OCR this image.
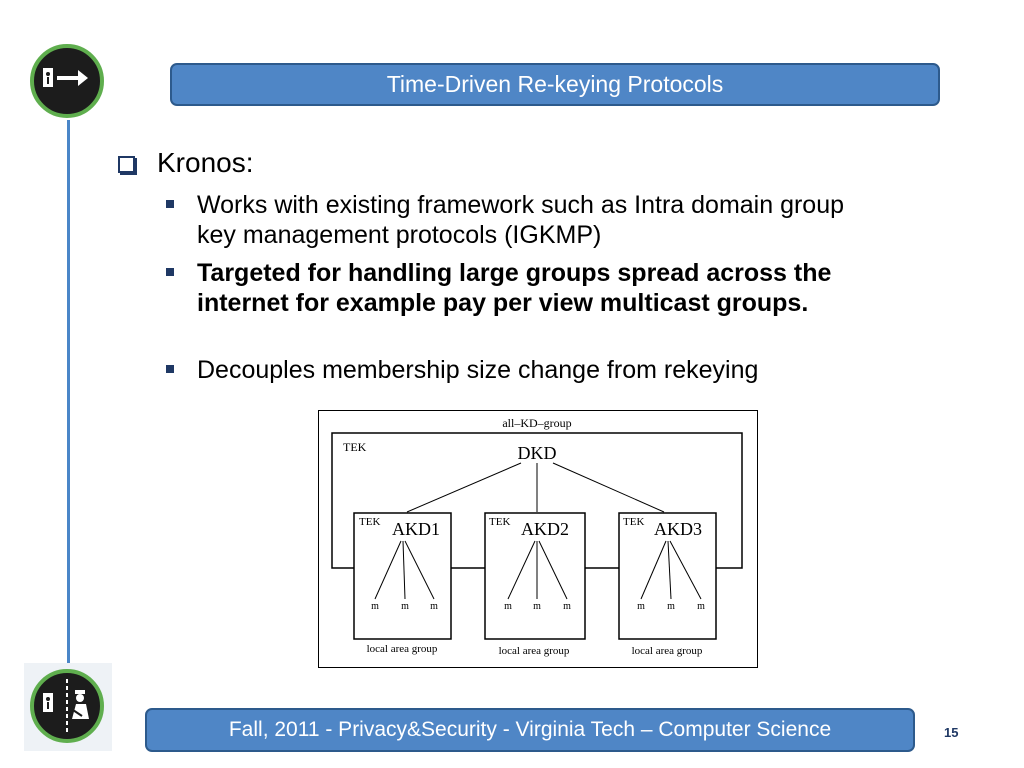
Time-Driven Re-keying Protocols
Kronos:
Works with existing framework such as Intra domain group key management protocols (IGKMP)
Targeted for handling large groups spread across the internet for example pay per view multicast groups.
Decouples membership size change from rekeying
all–KD–group
TEK	DKD
TEK AKD1
m m m
local area group
TEK AKD2
m m m
local area group
TEK AKD3
m m m
local area group
Fall, 2011 - Privacy&Security - Virginia Tech – Computer Science	15
